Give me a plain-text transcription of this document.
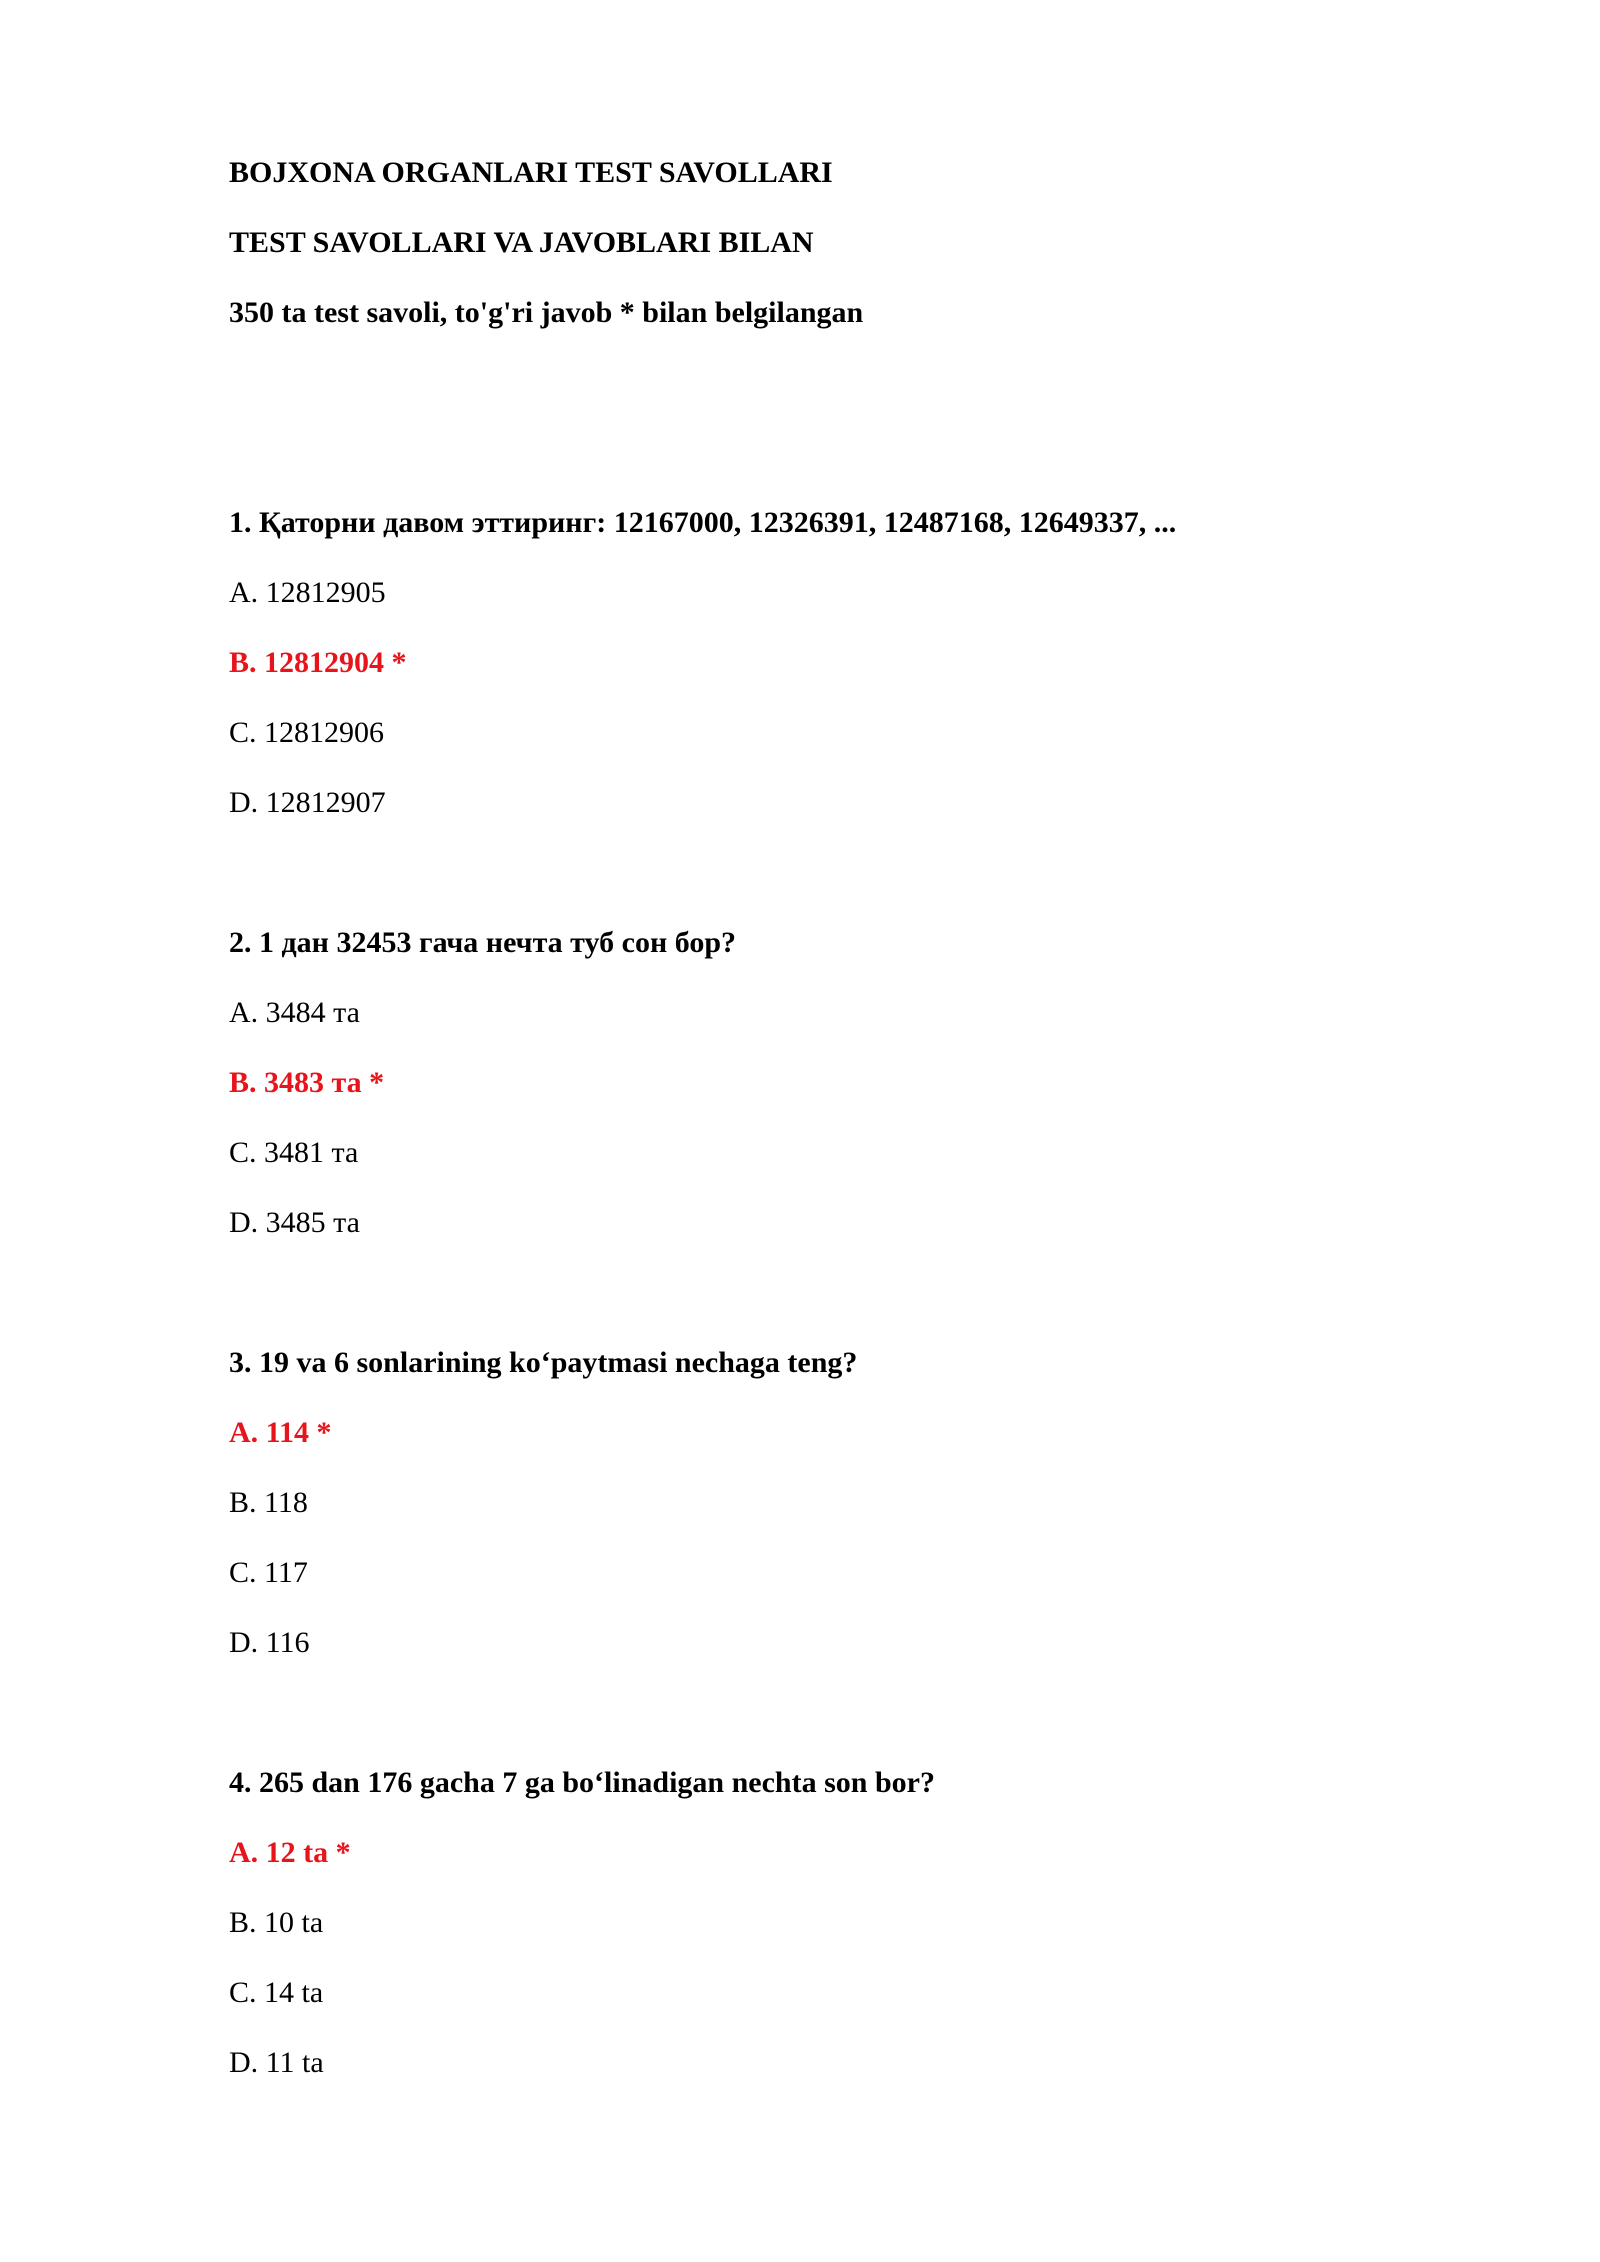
BOJXONA ORGANLARI TEST SAVOLLARI
TEST SAVOLLARI VA JAVOBLARI BILAN
350 ta test savoli, to'g'ri javob * bilan belgilangan
1. Қаторни давом эттиринг: 12167000, 12326391, 12487168, 12649337, ...
A. 12812905
B. 12812904 *
C. 12812906
D. 12812907
2. 1 дан 32453 гача нечта туб сон бор?
A. 3484 та
B. 3483 та *
C. 3481 та
D. 3485 та
3. 19 va 6 sonlarining ko‘paytmasi nechaga teng?
A. 114 *
B. 118
C. 117
D. 116
4. 265 dan 176 gacha 7 ga bo‘linadigan nechta son bor?
A. 12 ta *
B. 10 ta
C. 14 ta
D. 11 ta
